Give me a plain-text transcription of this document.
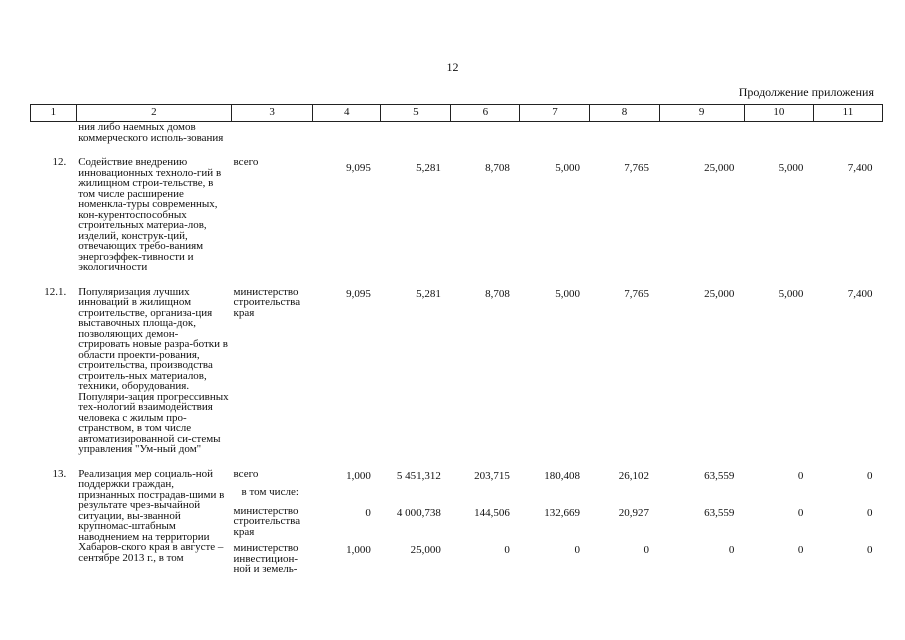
12
Продолжение приложения
1	2	3	4	5	6	7	8	9	10	11
	ния либо наемных домов коммерческого исполь-зования									

12.	Содействие внедрению инновационных техноло-гий в жилищном строи-тельстве, в том числе расширение номенкла-туры современных, кон-курентоспособных строительных материа-лов, изделий, конструк-ций, отвечающих требо-ваниям энергоэффек-тивности и экологичности	всего	9,095	5,281	8,708	5,000	7,765	25,000	5,000	7,400

12.1.	Популяризация лучших инноваций в жилищном строительстве, организа-ция выставочных площа-док, позволяющих демон-стрировать новые разра-ботки в области проекти-рования, строительства, производства строитель-ных материалов, техники, оборудования. Популяри-зация прогрессивных тех-нологий взаимодействия человека с жилым про-странством, в том числе автоматизированной си-стемы управления "Ум-ный дом"	министерство строительства края	9,095	5,281	8,708	5,000	7,765	25,000	5,000	7,400

13.	Реализация мер социаль-ной поддержки граждан, признанных пострадав-шими в результате чрез-вычайной ситуации, вы-званной крупномас-штабным наводнением на территории Хабаров-ского края в августе – сентябре 2013 г., в том	всего	1,000	5 451,312	203,715	180,408	26,102	63,559	0	0

		в том числе:								

		министерство строительства края	0	4 000,738	144,506	132,669	20,927	63,559	0	0

		министерство инвестицион-ной и земель-	1,000	25,000	0	0	0	0	0	0
